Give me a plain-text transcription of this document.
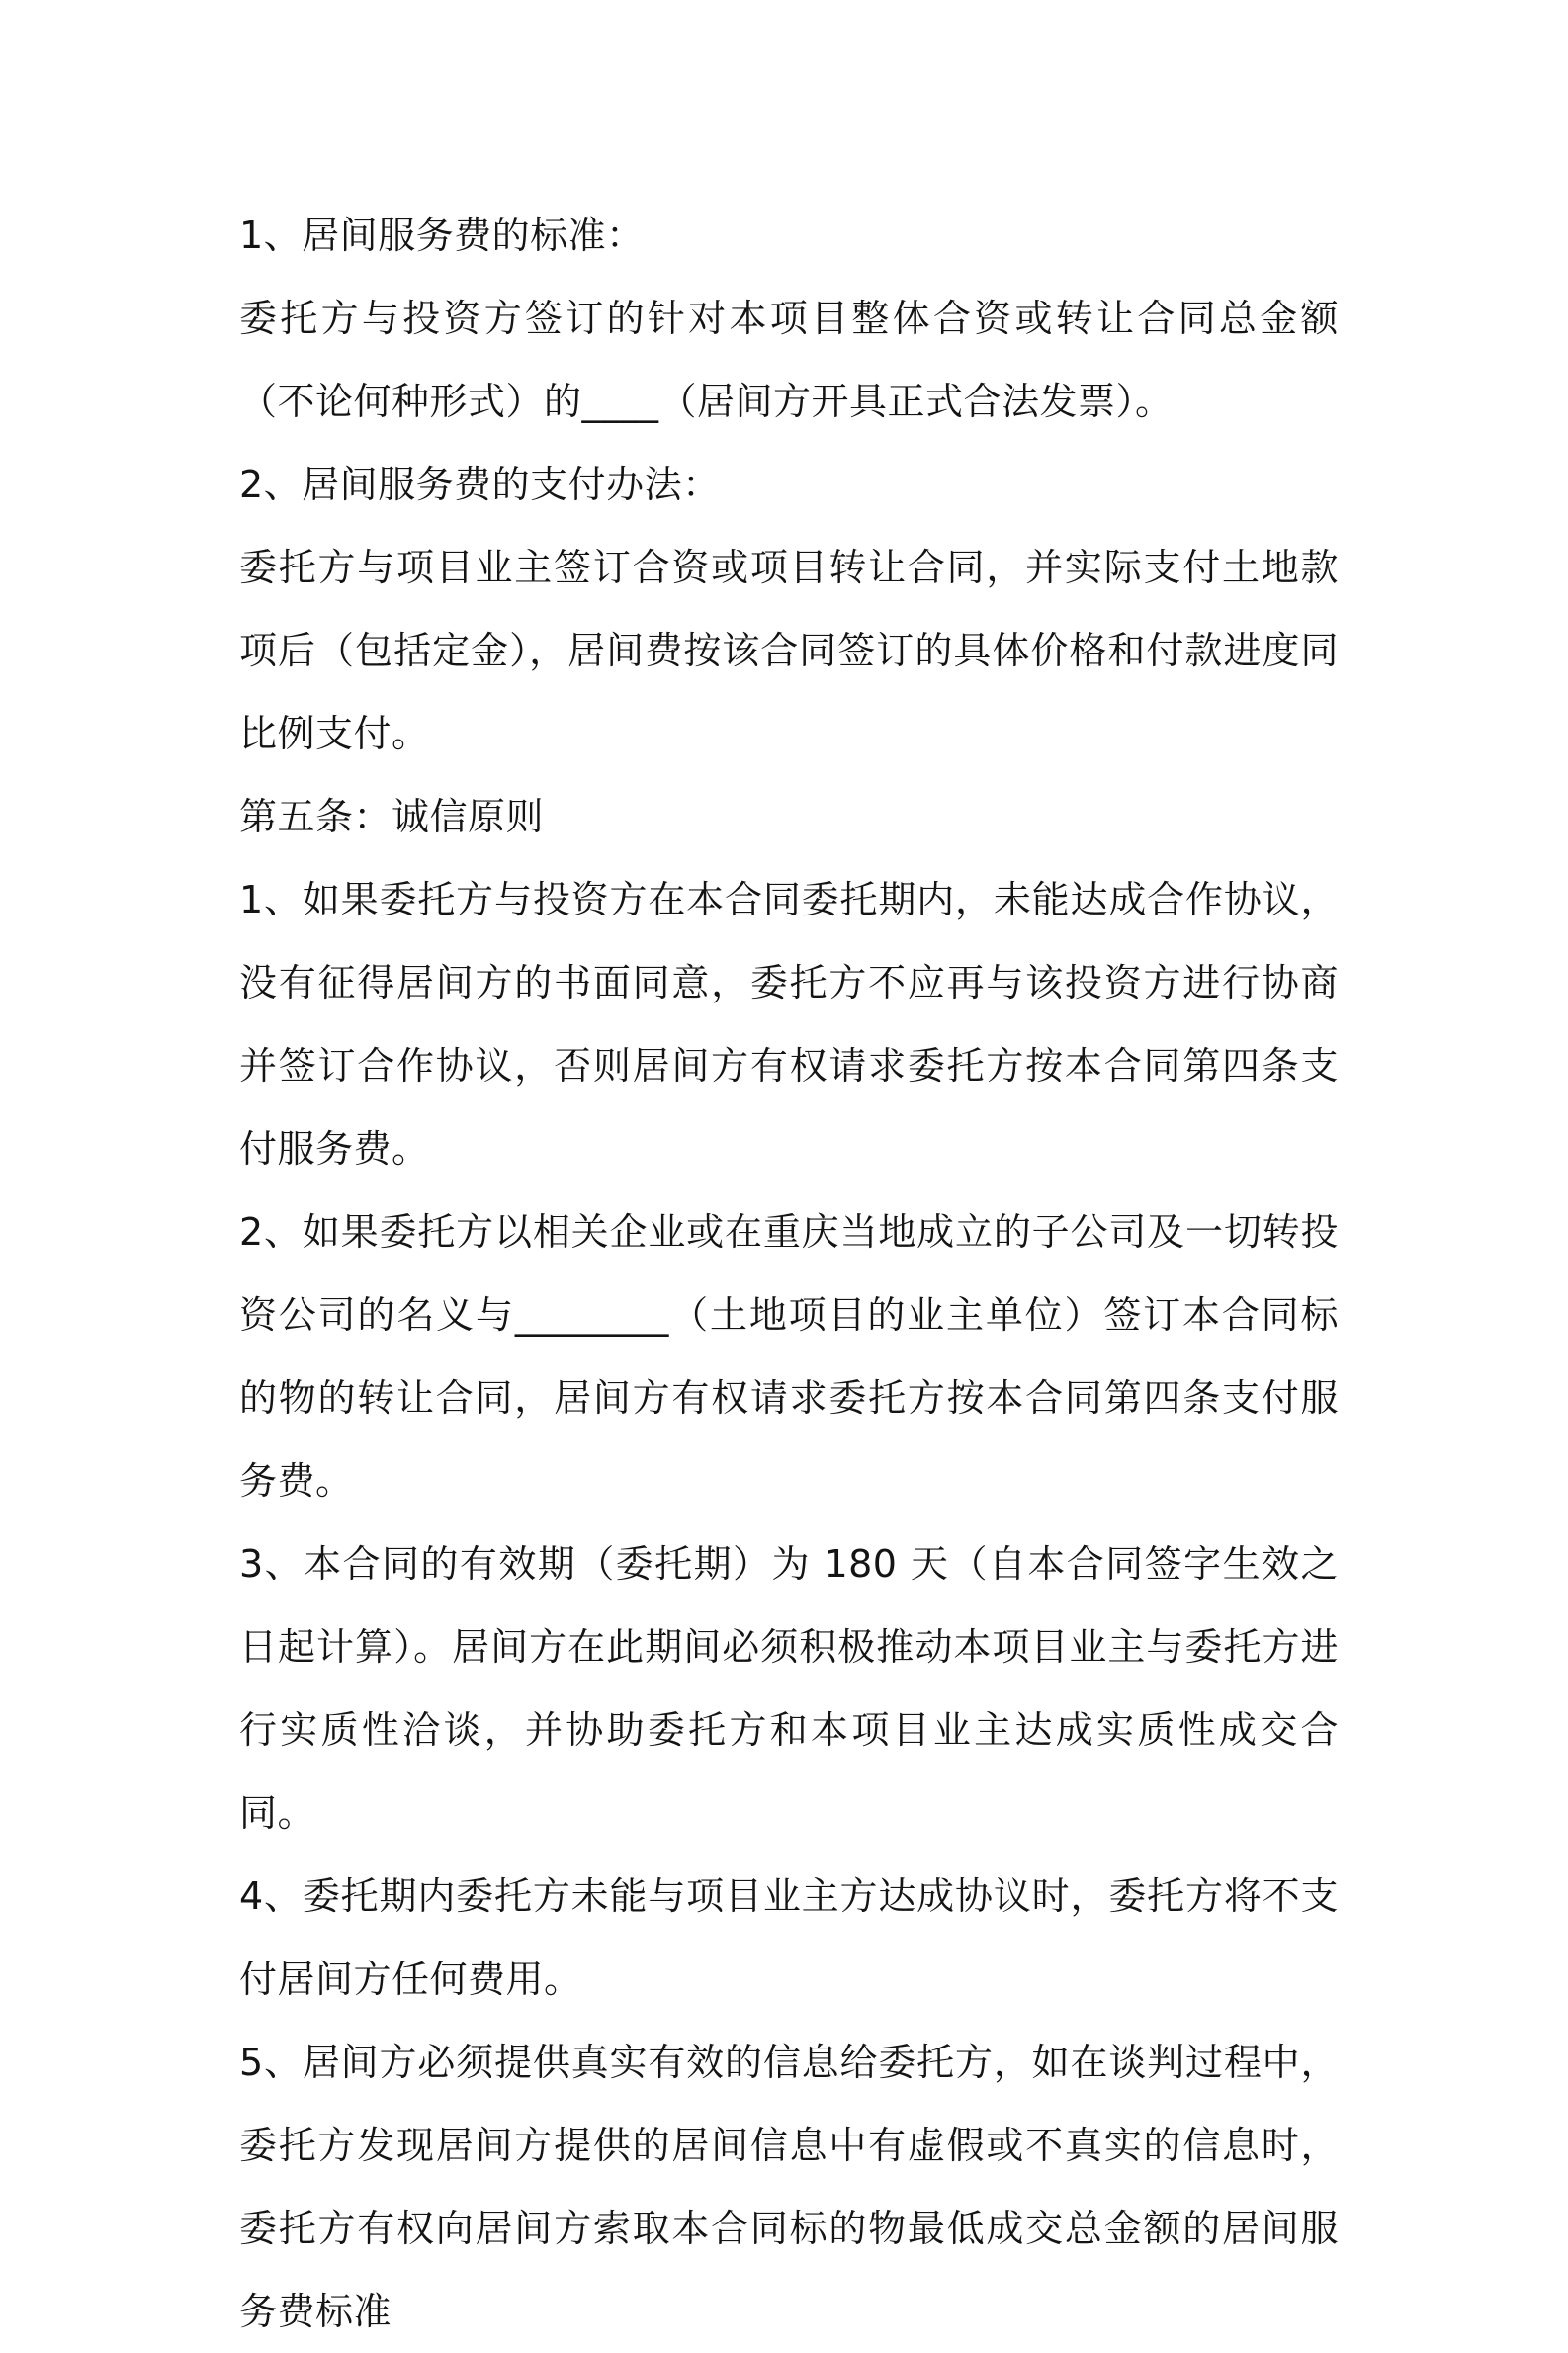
1、居间服务费的标准：

委托方与投资方签订的针对本项目整体合资或转让合同总金额（不论何种形式）的____（居间方开具正式合法发票）。

2、居间服务费的支付办法：

委托方与项目业主签订合资或项目转让合同，并实际支付土地款项后（包括定金），居间费按该合同签订的具体价格和付款进度同比例支付。

第五条：诚信原则

1、如果委托方与投资方在本合同委托期内，未能达成合作协议，没有征得居间方的书面同意，委托方不应再与该投资方进行协商并签订合作协议，否则居间方有权请求委托方按本合同第四条支付服务费。

2、如果委托方以相关企业或在重庆当地成立的子公司及一切转投资公司的名义与________（土地项目的业主单位）签订本合同标的物的转让合同，居间方有权请求委托方按本合同第四条支付服务费。

3、本合同的有效期（委托期）为 180 天（自本合同签字生效之日起计算）。居间方在此期间必须积极推动本项目业主与委托方进行实质性洽谈，并协助委托方和本项目业主达成实质性成交合同。

4、委托期内委托方未能与项目业主方达成协议时，委托方将不支付居间方任何费用。

5、居间方必须提供真实有效的信息给委托方，如在谈判过程中，委托方发现居间方提供的居间信息中有虚假或不真实的信息时，委托方有权向居间方索取本合同标的物最低成交总金额的居间服务费标准
